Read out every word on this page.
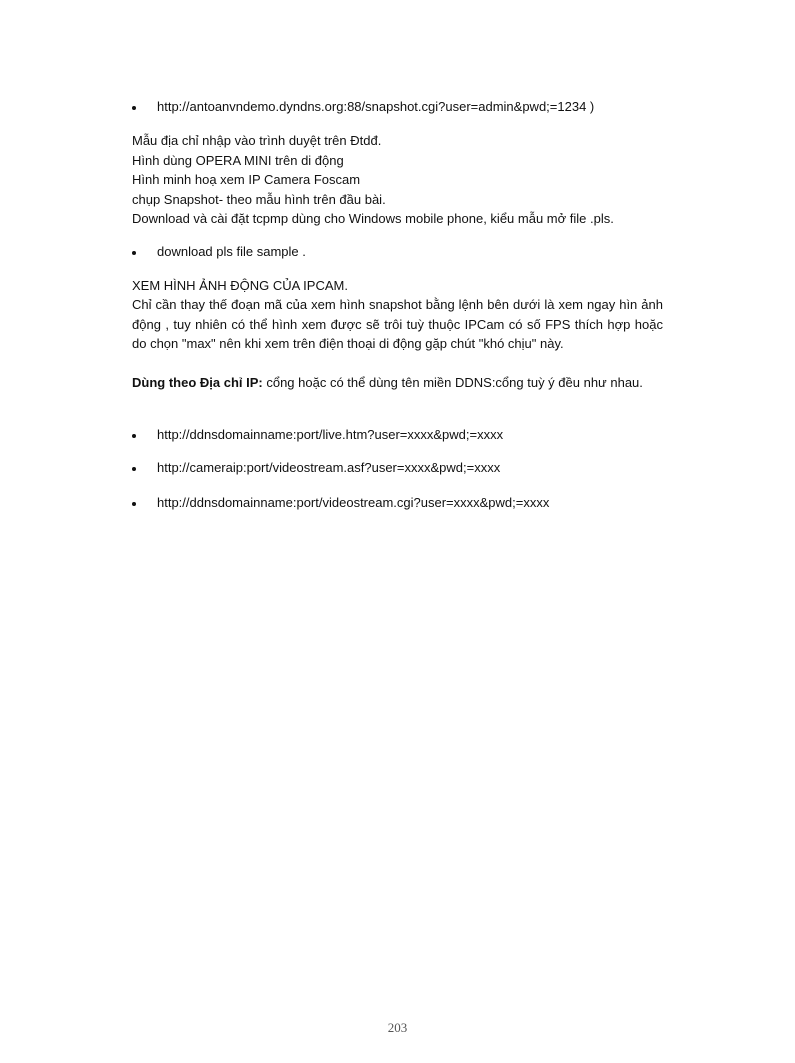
http://antoanvndemo.dyndns.org:88/snapshot.cgi?user=admin&pwd;=1234 )
Mẫu địa chỉ nhập vào trình duyệt trên Đtdđ.
Hình dùng OPERA MINI trên di động
Hình minh hoạ xem IP Camera Foscam
chụp Snapshot- theo mẫu hình trên đầu bài.
Download và cài đặt tcpmp dùng cho Windows mobile phone, kiểu mẫu mở file .pls.
download pls file sample .
XEM HÌNH ẢNH ĐỘNG CỦA IPCAM.
Chỉ cần thay thế đoạn mã của xem hình snapshot bằng lệnh bên dưới là xem ngay hìn ảnh động , tuy nhiên có thể hình xem được sẽ trôi tuỳ thuộc IPCam có số FPS thích hợp hoặc do chọn "max" nên khi xem trên điện thoại di động gặp chút "khó chịu" này.
Dùng theo Địa chỉ IP: cổng hoặc có thể dùng tên miền DDNS:cổng tuỳ ý đều như nhau.
http://ddnsdomainname:port/live.htm?user=xxxx&pwd;=xxxx
http://cameraip:port/videostream.asf?user=xxxx&pwd;=xxxx
http://ddnsdomainname:port/videostream.cgi?user=xxxx&pwd;=xxxx
203
